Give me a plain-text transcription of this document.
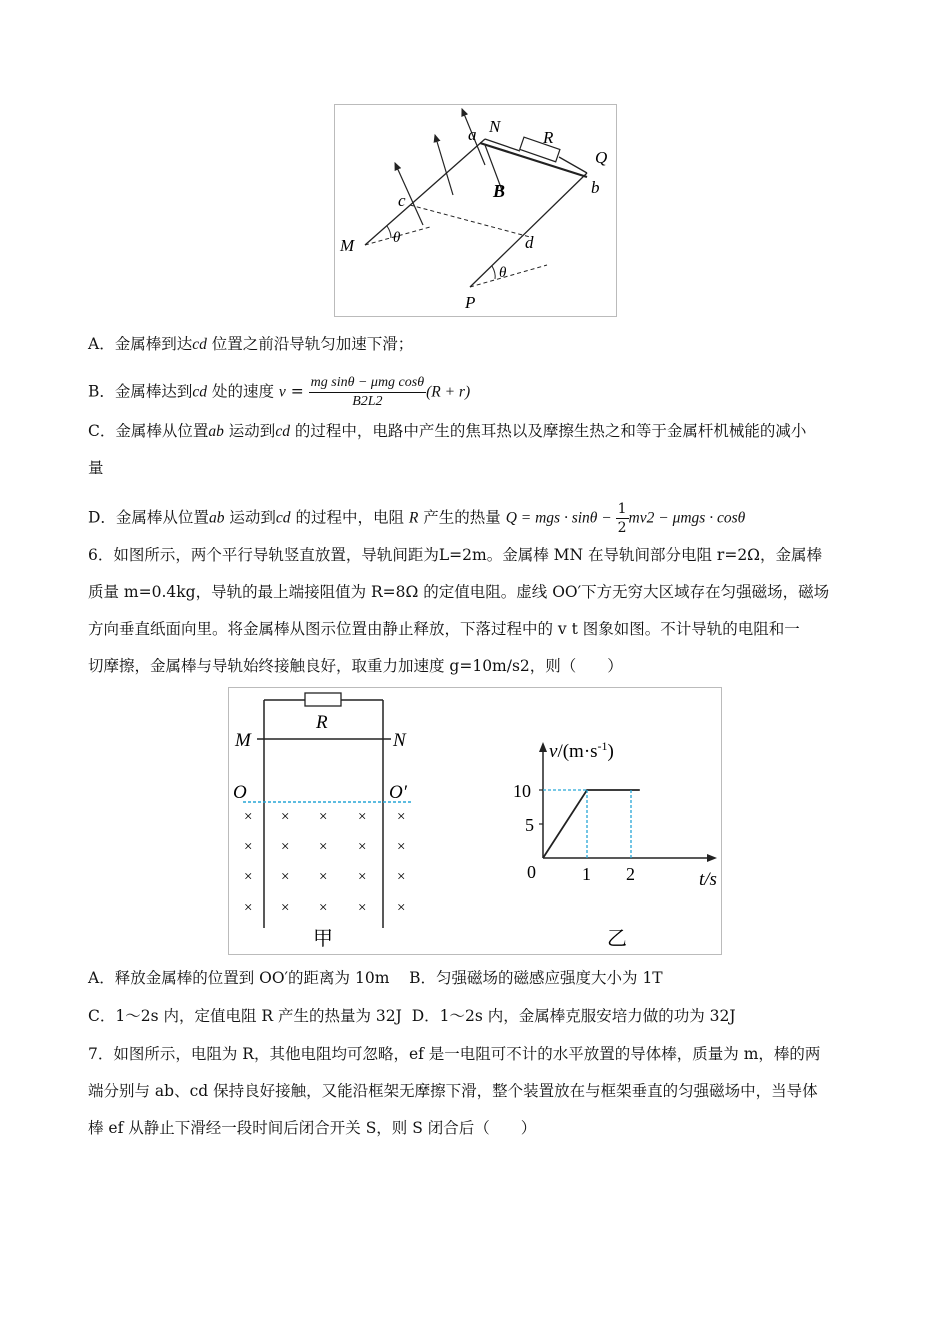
a N
R
Q
b
B
c
M	θ	d
θ
P
A．金属棒到达cd 位置之前沿导轨匀加速下滑；
B．金属棒达到cd 处的速度 $v = \frac{\text{mg sinθ − μmg cosθ}}{B2L2} (R + r)$
C．金属棒从位置ab 运动到cd 的过程中，电路中产生的焦耳热以及摩擦生热之和等于金属杆机械能的减小
量
D．金属棒从位置ab 运动到cd 的过程中，电阻 R 产生的热量 Q = mgs · $\sin\theta - \frac{1}{2} mv2 - \mu mgs \cdot \cos\theta$
6．如图所示，两个平行导轨竖直放置，导轨间距为L=2m。金属棒 MN 在导轨间部分电阻 r=2Ω，金属棒
质量 m=0.4kg，导轨的最上端接阻值为 R=8Ω 的定值电阻。虚线 OO′下方无穷大区域存在匀强磁场，磁场
方向垂直纸面向里。将金属棒从图示位置由静止释放，下落过程中的 v t 图象如图。不计导轨的电阻和一
切摩擦，金属棒与导轨始终接触良好，取重力加速度 g=10m/s2，则（　　）
R
M	N
O	O′
× × × × ×
× × × × ×
× × × × ×
× × × × ×
甲	乙
$v/(m\cdot s^{-1})$
t/s
0
5
10
1 2
A．释放金属棒的位置到 OO′的距离为 10m B．匀强磁场的磁感应强度大小为 1T
C．1～2s 内，定值电阻 R 产生的热量为 32J D．1～2s 内，金属棒克服安培力做的功为 32J
7．如图所示，电阻为 R，其他电阻均可忽略，ef 是一电阻可不计的水平放置的导体棒，质量为 m，棒的两
端分别与 ab、cd 保持良好接触，又能沿框架无摩擦下滑，整个装置放在与框架垂直的匀强磁场中，当导体
棒 ef 从静止下滑经一段时间后闭合开关 S，则 S 闭合后（　　）
